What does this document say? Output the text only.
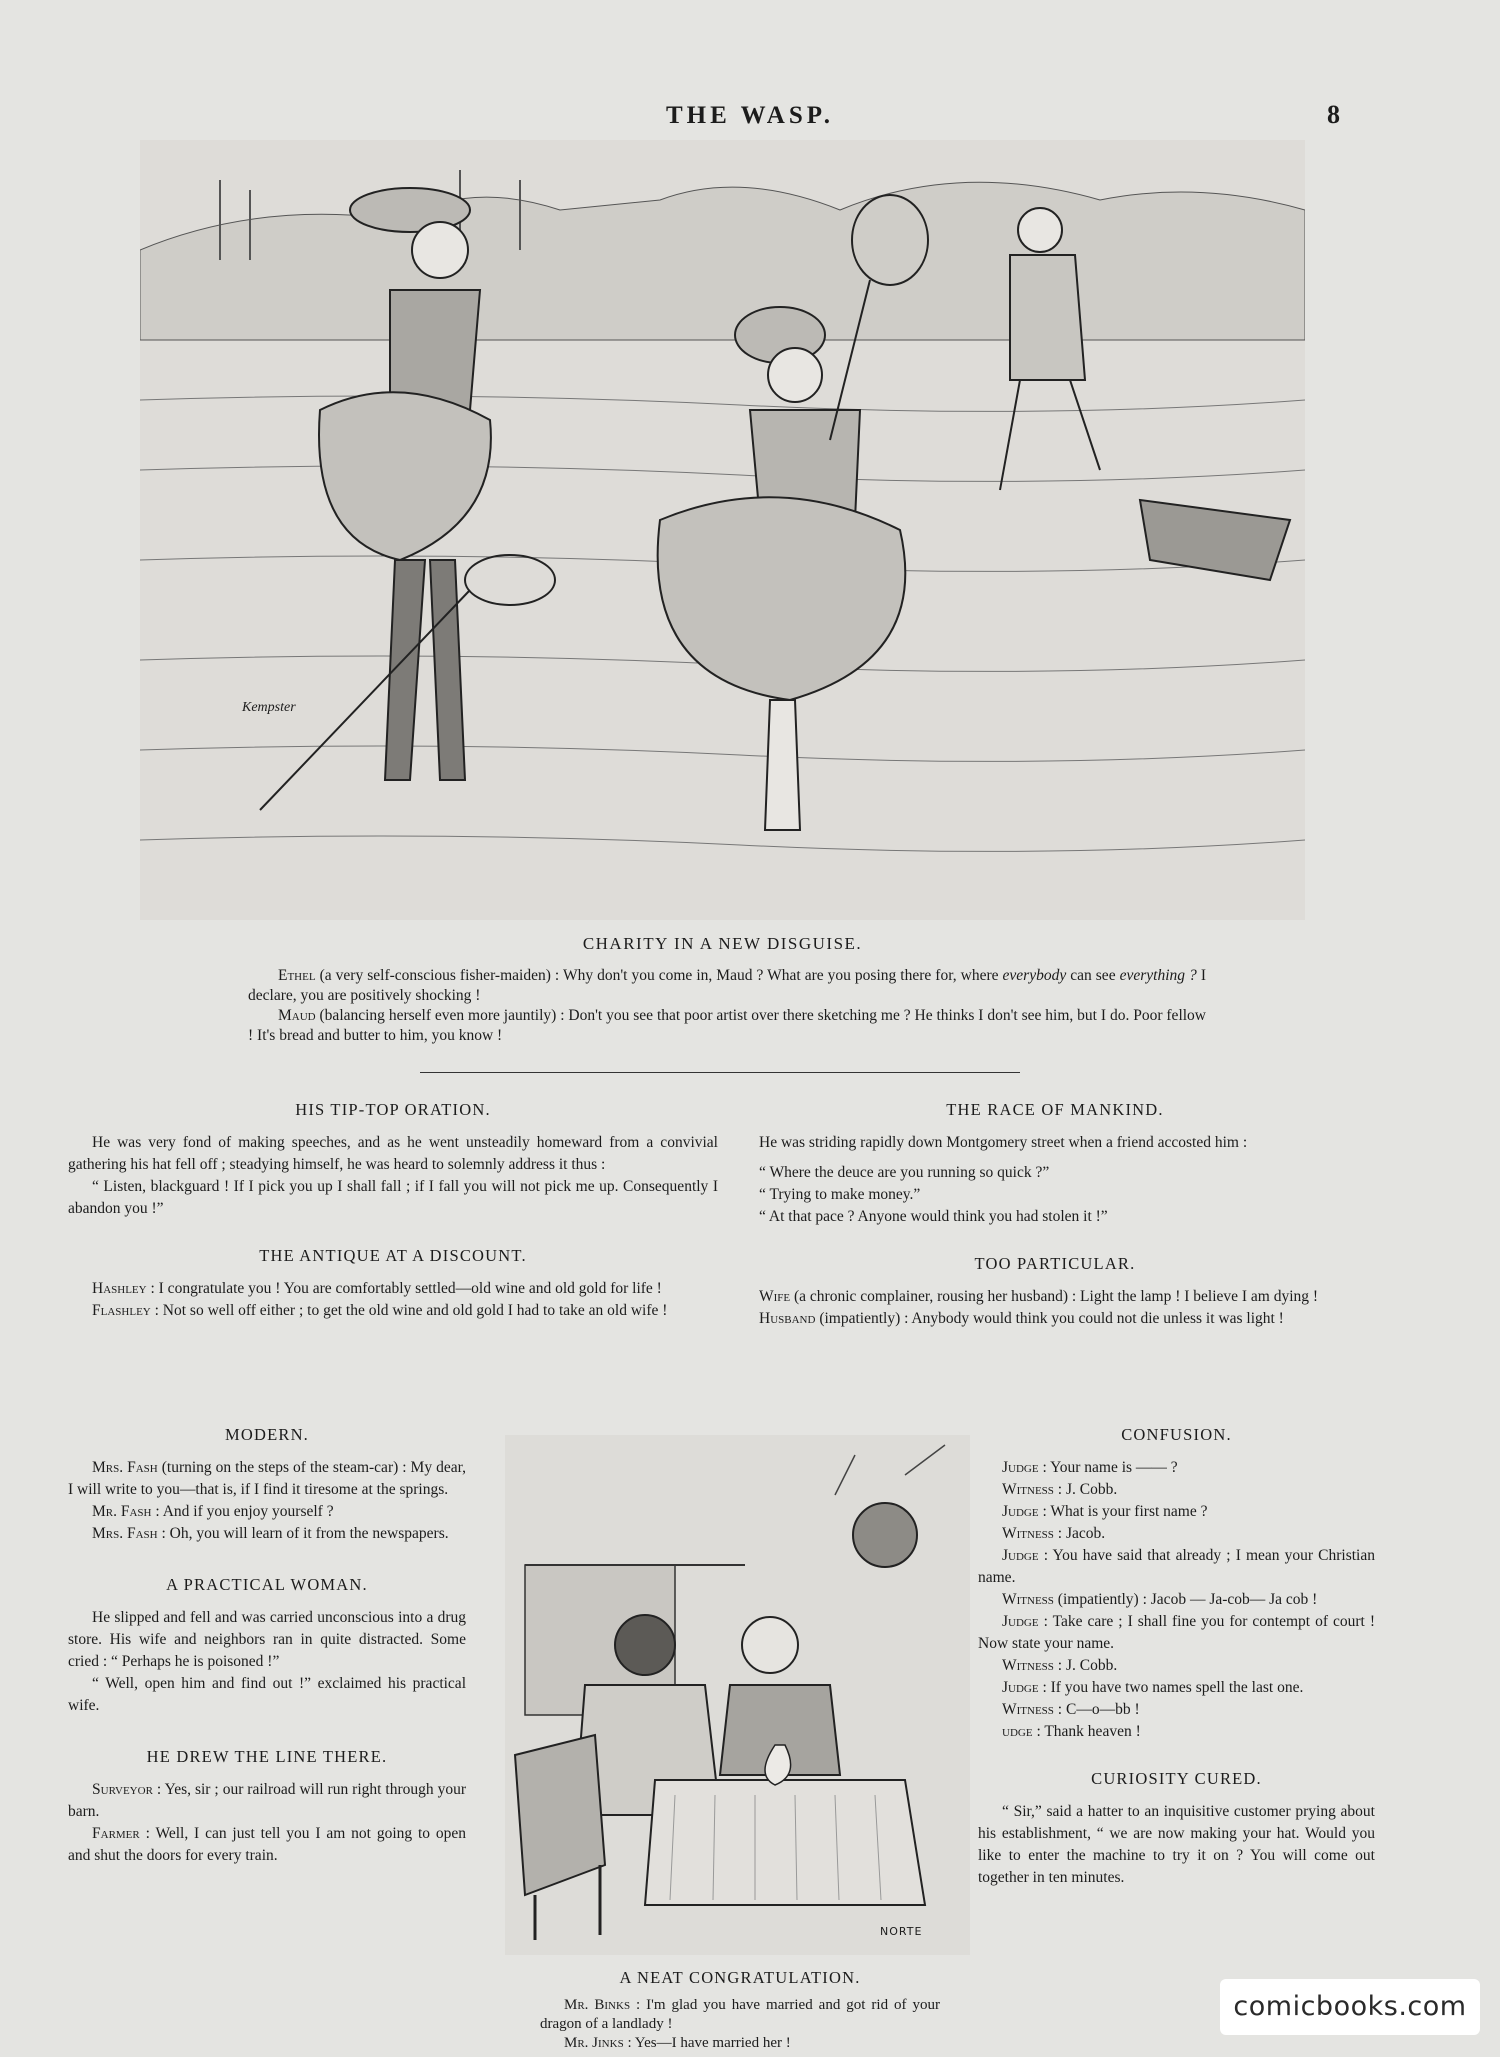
THE WASP.	8
Kempster
CHARITY IN A NEW DISGUISE.
Ethel (a very self-conscious fisher-maiden) : Why don't you come in, Maud ? What are you posing there for, where everybody can see everything ? I declare, you are positively shocking !
Maud (balancing herself even more jauntily) : Don't you see that poor artist over there sketching me ? He thinks I don't see him, but I do. Poor fellow ! It's bread and butter to him, you know !
HIS TIP-TOP ORATION.

He was very fond of making speeches, and as he went unsteadily homeward from a convivial gathering his hat fell off ; steadying himself, he was heard to solemnly address it thus :

“ Listen, blackguard ! If I pick you up I shall fall ; if I fall you will not pick me up. Consequently I abandon you !”

THE ANTIQUE AT A DISCOUNT.

Hashley : I congratulate you ! You are comfortably settled—old wine and old gold for life !

Flashley : Not so well off either ; to get the old wine and old gold I had to take an old wife !

MODERN.

Mrs. Fash (turning on the steps of the steam-car) : My dear, I will write to you—that is, if I find it tiresome at the springs.

Mr. Fash : And if you enjoy yourself ?

Mrs. Fash : Oh, you will learn of it from the newspapers.

A PRACTICAL WOMAN.

He slipped and fell and was carried unconscious into a drug store. His wife and neighbors ran in quite distracted. Some cried : “ Perhaps he is poisoned !”

“ Well, open him and find out !” exclaimed his practical wife.

HE DREW THE LINE THERE.

Surveyor : Yes, sir ; our railroad will run right through your barn.

Farmer : Well, I can just tell you I am not going to open and shut the doors for every train.

THE RACE OF MANKIND.

He was striding rapidly down Montgomery street when a friend accosted him :

“ Where the deuce are you running so quick ?”

“ Trying to make money.”

“ At that pace ? Anyone would think you had stolen it !”

TOO PARTICULAR.

Wife (a chronic complainer, rousing her husband) : Light the lamp ! I believe I am dying !

Husband (impatiently) : Anybody would think you could not die unless it was light !

CONFUSION.

Judge : Your name is —— ?

Witness : J. Cobb.

Judge : What is your first name ?

Witness : Jacob.

Judge : You have said that already ; I mean your Christian name.

Witness (impatiently) : Jacob — Ja-cob— Ja cob !

Judge : Take care ; I shall fine you for contempt of court ! Now state your name.

Witness : J. Cobb.

Judge : If you have two names spell the last one.

Witness : C—o—bb !

udge : Thank heaven !

CURIOSITY CURED.

“ Sir,” said a hatter to an inquisitive customer prying about his establishment, “ we are now making your hat. Would you like to enter the machine to try it on ? You will come out together in ten minutes.

NORTE
A NEAT CONGRATULATION.

Mr. Binks : I'm glad you have married and got rid of your dragon of a landlady !

Mr. Jinks : Yes—I have married her !

comicbooks.com
